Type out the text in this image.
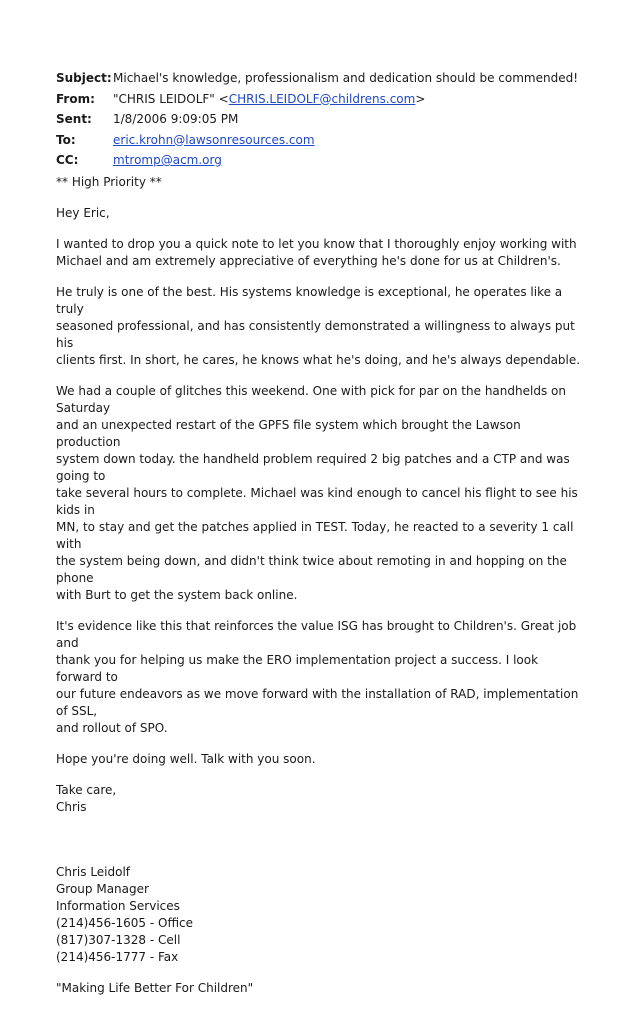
Subject: Michael's knowledge, professionalism and dedication should be commended!
From:	"CHRIS LEIDOLF" <CHRIS.LEIDOLF@childrens.com>
Sent:	1/8/2006 9:09:05 PM
To:	eric.krohn@lawsonresources.com
CC:	mtromp@acm.org

** High Priority **

Hey Eric,

I wanted to drop you a quick note to let you know that I thoroughly enjoy working with
Michael and am extremely appreciative of everything he's done for us at Children's.

He truly is one of the best. His systems knowledge is exceptional, he operates like a truly
seasoned professional, and has consistently demonstrated a willingness to always put his
clients first. In short, he cares, he knows what he's doing, and he's always dependable.

We had a couple of glitches this weekend. One with pick for par on the handhelds on Saturday
and an unexpected restart of the GPFS file system which brought the Lawson production
system down today. the handheld problem required 2 big patches and a CTP and was going to
take several hours to complete. Michael was kind enough to cancel his flight to see his kids in
MN, to stay and get the patches applied in TEST. Today, he reacted to a severity 1 call with
the system being down, and didn't think twice about remoting in and hopping on the phone
with Burt to get the system back online.

It's evidence like this that reinforces the value ISG has brought to Children's. Great job and
thank you for helping us make the ERO implementation project a success. I look forward to
our future endeavors as we move forward with the installation of RAD, implementation of SSL,
and rollout of SPO.

Hope you're doing well. Talk with you soon.

Take care,
Chris

Chris Leidolf
Group Manager
Information Services
(214)456-1605 - Office
(817)307-1328 - Cell
(214)456-1777 - Fax

"Making Life Better For Children"
